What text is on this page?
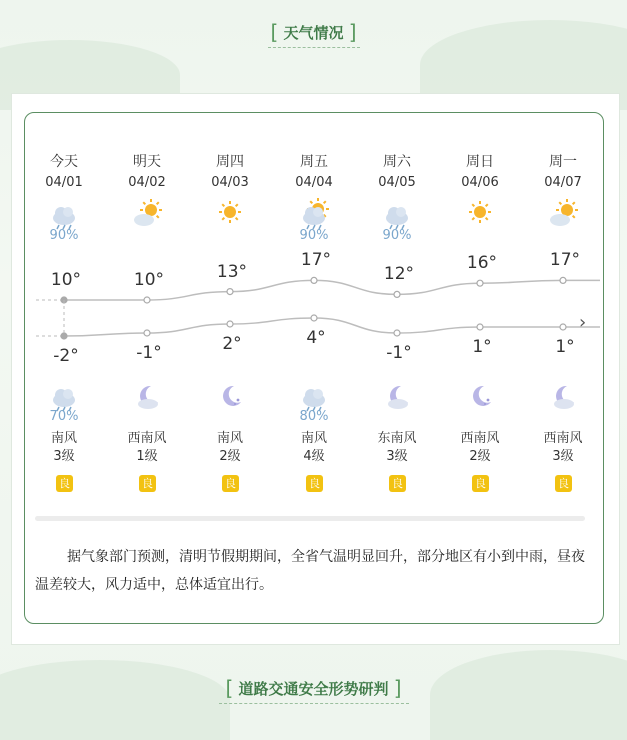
[ 天气情况 ]
今天
04/01
90%
10°
-2°
70%
南风
3级
良
明天
04/02
10°
-1°
西南风
1级
良
周四
04/03
13°
2°
南风
2级
良
周五
04/04
90%
17°
4°
80%
南风
4级
良
周六
04/05
90%
12°
-1°
东南风
3级
良
周日
04/06
16°
1°
西南风
2级
良
周一
04/07
17°
1°
西南风
3级
良
›
据气象部门预测，清明节假期期间，全省气温明显回升，部分地区有小到中雨，昼夜温差较大，风力适中，总体适宜出行。
[ 道路交通安全形势研判 ]
